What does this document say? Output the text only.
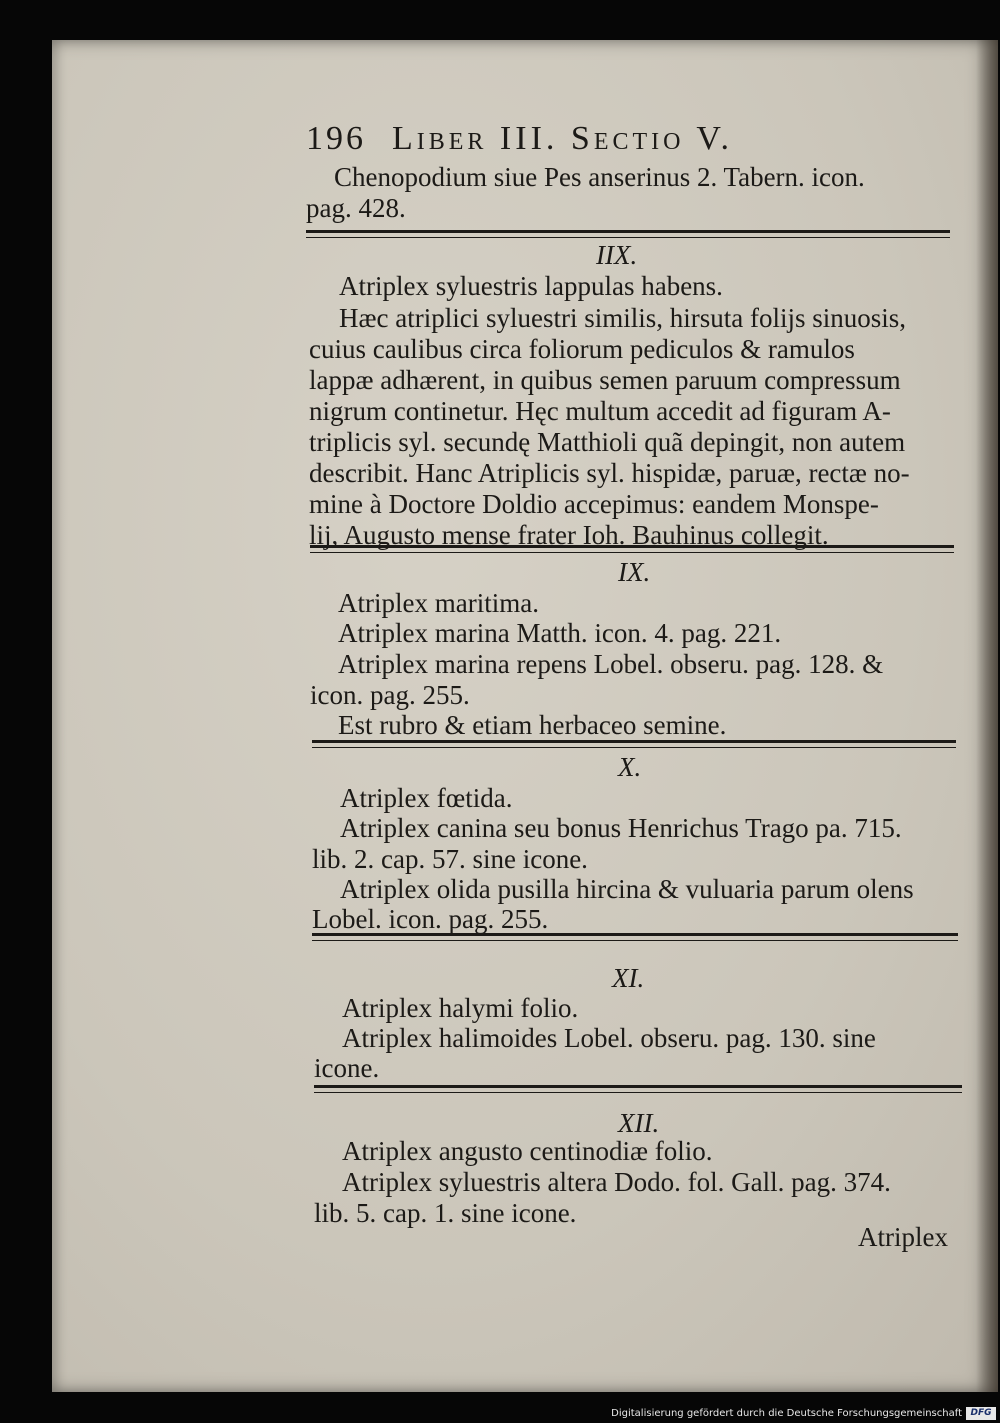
196 Liber III. Sectio V.
Chenopodium siue Pes anserinus 2. Tabern. icon.
pag. 428.
IIX.
Atriplex syluestris lappulas habens.
Hæc atriplici syluestri similis, hirsuta folijs sinuosis,
cuius caulibus circa foliorum pediculos & ramulos
lappæ adhærent, in quibus semen paruum compressum
nigrum continetur. Hęc multum accedit ad figuram A-
triplicis syl. secundę Matthioli quã depingit, non autem
describit. Hanc Atriplicis syl. hispidæ, paruæ, rectæ no-
mine à Doctore Doldio accepimus: eandem Monspe-
lij, Augusto mense frater Ioh. Bauhinus collegit.
IX.
Atriplex maritima.
Atriplex marina Matth. icon. 4. pag. 221.
Atriplex marina repens Lobel. obseru. pag. 128. &
icon. pag. 255.
Est rubro & etiam herbaceo semine.
X.
Atriplex fœtida.
Atriplex canina seu bonus Henrichus Trago pa. 715.
lib. 2. cap. 57. sine icone.
Atriplex olida pusilla hircina & vuluaria parum olens
Lobel. icon. pag. 255.
XI.
Atriplex halymi folio.
Atriplex halimoides Lobel. obseru. pag. 130. sine
icone.
XII.
Atriplex angusto centinodiæ folio.
Atriplex syluestris altera Dodo. fol. Gall. pag. 374.
lib. 5. cap. 1. sine icone.
Atriplex
Digitalisierung gefördert durch die Deutsche Forschungsgemeinschaft DFG
